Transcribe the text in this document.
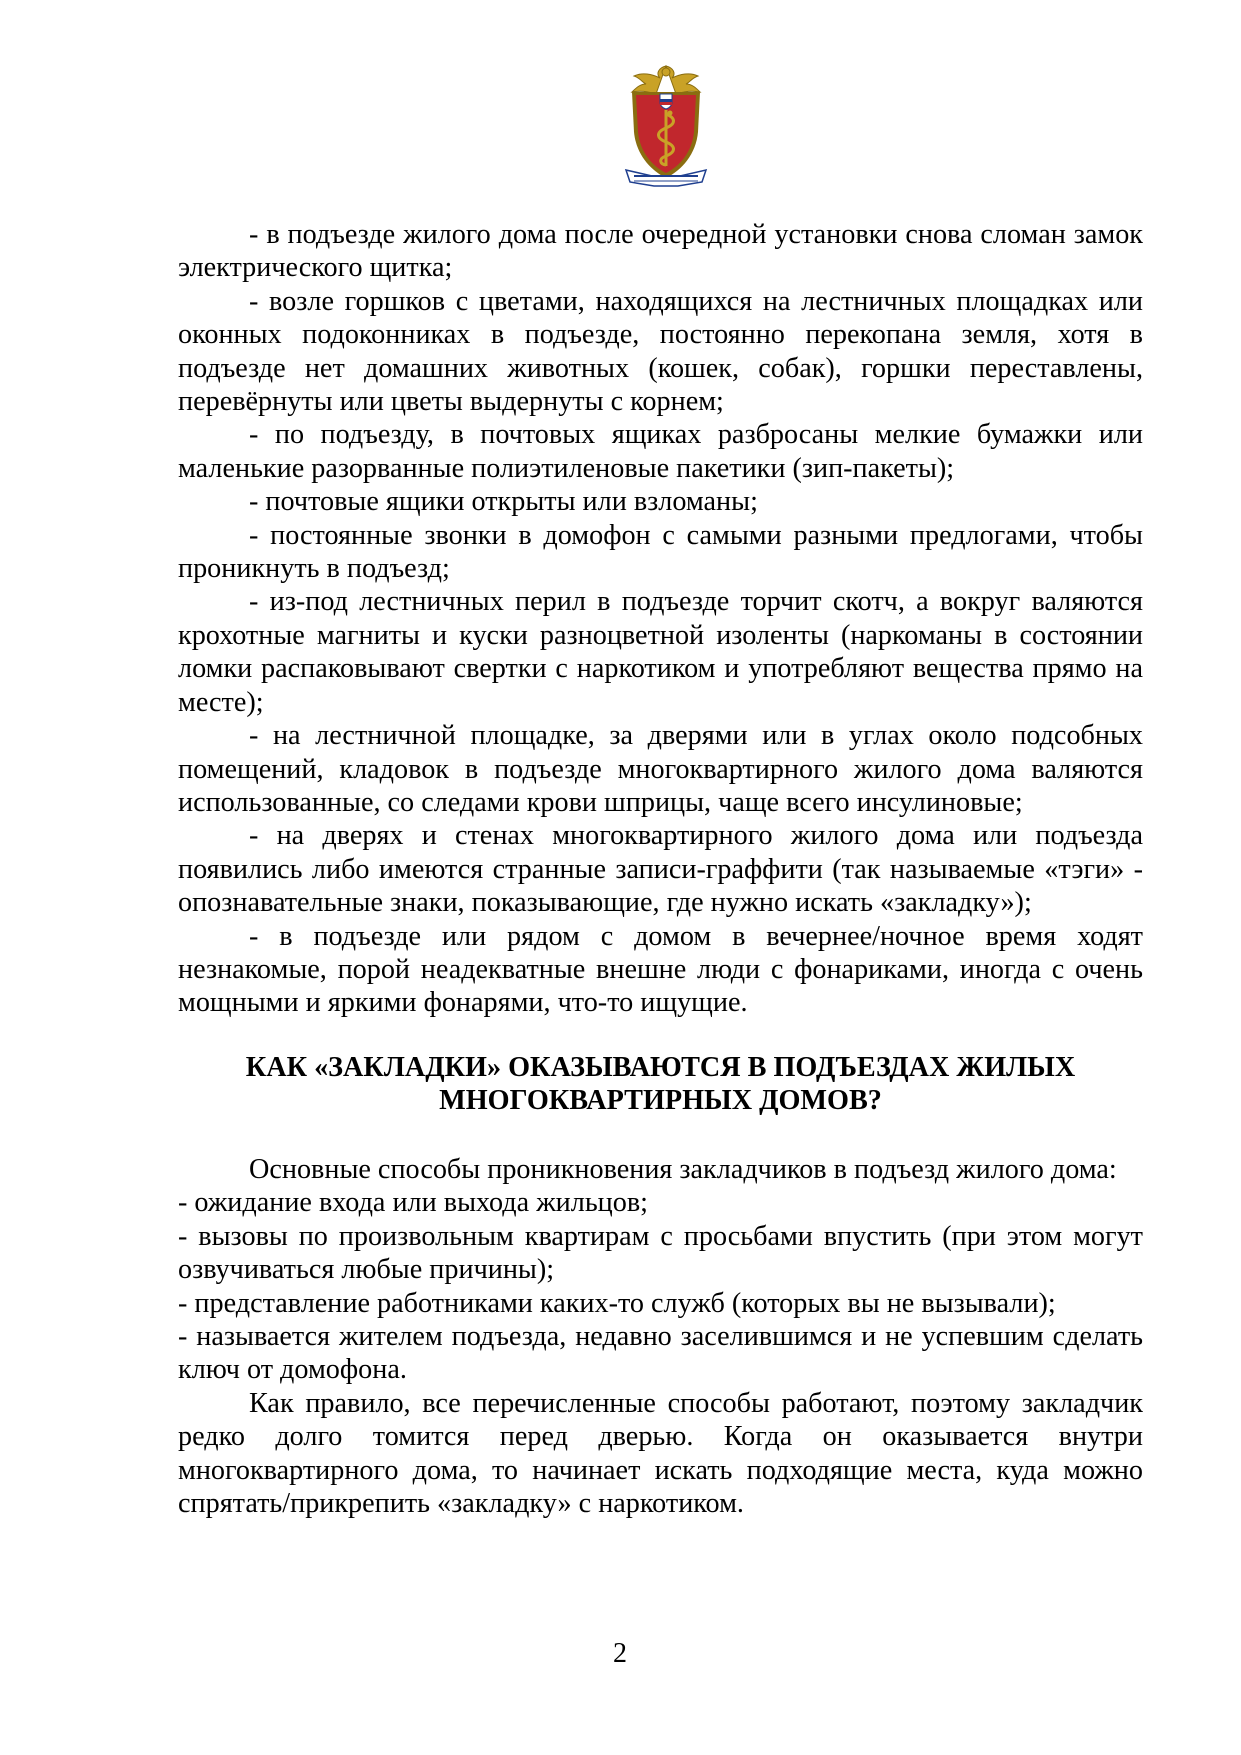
- в подъезде жилого дома после очередной установки снова сломан замок электрического щитка;

- возле горшков с цветами, находящихся на лестничных площадках или оконных подоконниках в подъезде, постоянно перекопана земля, хотя в подъезде нет домашних животных (кошек, собак), горшки переставлены, перевёрнуты или цветы выдернуты с корнем;

- по подъезду, в почтовых ящиках разбросаны мелкие бумажки или маленькие разорванные полиэтиленовые пакетики (зип-пакеты);

- почтовые ящики открыты или взломаны;

- постоянные звонки в домофон с самыми разными предлогами, чтобы проникнуть в подъезд;

- из-под лестничных перил в подъезде торчит скотч, а вокруг валяются крохотные магниты и куски разноцветной изоленты (наркоманы в состоянии ломки распаковывают свертки с наркотиком и употребляют вещества прямо на месте);

- на лестничной площадке, за дверями или в углах около подсобных помещений, кладовок в подъезде многоквартирного жилого дома валяются использованные, со следами крови шприцы, чаще всего инсулиновые;

- на дверях и стенах многоквартирного жилого дома или подъезда появились либо имеются странные записи-граффити (так называемые «тэги» - опознавательные знаки, показывающие, где нужно искать «закладку»);

- в подъезде или рядом с домом в вечернее/ночное время ходят незнакомые, порой неадекватные внешне люди с фонариками, иногда с очень мощными и яркими фонарями, что-то ищущие.

КАК «ЗАКЛАДКИ» ОКАЗЫВАЮТСЯ В ПОДЪЕЗДАХ ЖИЛЫХ
МНОГОКВАРТИРНЫХ ДОМОВ?

Основные способы проникновения закладчиков в подъезд жилого дома:

- ожидание входа или выхода жильцов;

- вызовы по произвольным квартирам с просьбами впустить (при этом могут озвучиваться любые причины);

- представление работниками каких-то служб (которых вы не вызывали);

- называется жителем подъезда, недавно заселившимся и не успевшим сделать ключ от домофона.

Как правило, все перечисленные способы работают, поэтому закладчик редко долго томится перед дверью. Когда он оказывается внутри многоквартирного дома, то начинает искать подходящие места, куда можно спрятать/прикрепить «закладку» с наркотиком.

2
